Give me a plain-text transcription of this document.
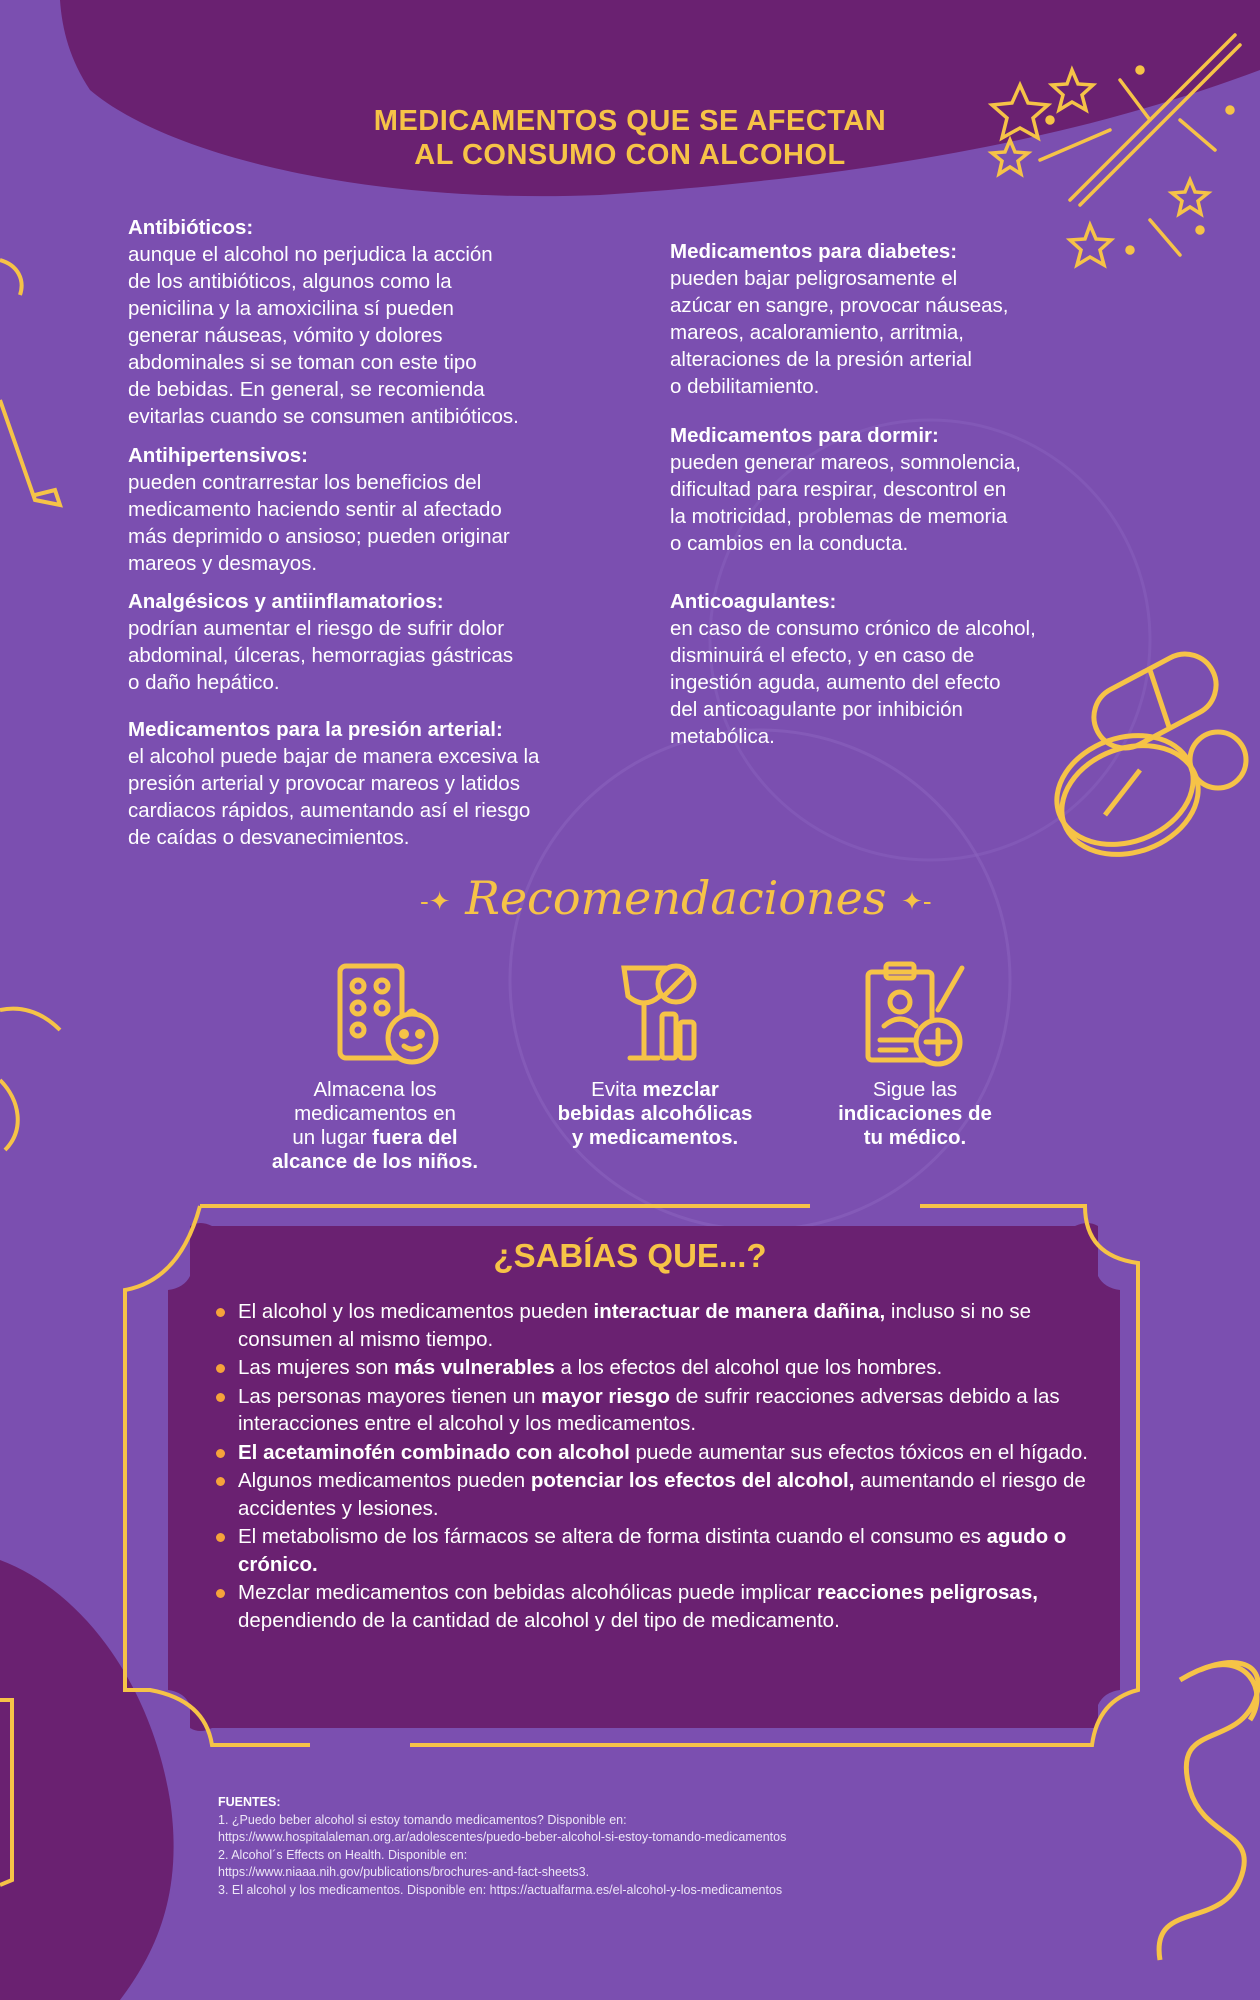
MEDICAMENTOS QUE SE AFECTAN
AL CONSUMO CON ALCOHOL
Antibióticos:
aunque el alcohol no perjudica la acción
de los antibióticos, algunos como la
penicilina y la amoxicilina sí pueden
generar náuseas, vómito y dolores
abdominales si se toman con este tipo
de bebidas. En general, se recomienda
evitarlas cuando se consumen antibióticos.
Antihipertensivos:
pueden contrarrestar los beneficios del
medicamento haciendo sentir al afectado
más deprimido o ansioso; pueden originar
mareos y desmayos.
Analgésicos y antiinflamatorios:
podrían aumentar el riesgo de sufrir dolor
abdominal, úlceras, hemorragias gástricas
o daño hepático.
Medicamentos para la presión arterial:
el alcohol puede bajar de manera excesiva la
presión arterial y provocar mareos y latidos
cardiacos rápidos, aumentando así el riesgo
de caídas o desvanecimientos.
Medicamentos para diabetes:
pueden bajar peligrosamente el
azúcar en sangre, provocar náuseas,
mareos, acaloramiento, arritmia,
alteraciones de la presión arterial
o debilitamiento.
Medicamentos para dormir:
pueden generar mareos, somnolencia,
dificultad para respirar, descontrol en
la motricidad, problemas de memoria
o cambios en la conducta.
Anticoagulantes:
en caso de consumo crónico de alcohol,
disminuirá el efecto, y en caso de
ingestión aguda, aumento del efecto
del anticoagulante por inhibición
metabólica.
-✦ Recomendaciones ✦-
Almacena los
medicamentos en
un lugar fuera del
alcance de los niños.
Evita mezclar
bebidas alcohólicas
y medicamentos.
Sigue las
indicaciones de
tu médico.
¿SABÍAS QUE...?
El alcohol y los medicamentos pueden interactuar de manera dañina, incluso si no se consumen al mismo tiempo.
Las mujeres son más vulnerables a los efectos del alcohol que los hombres.
Las personas mayores tienen un mayor riesgo de sufrir reacciones adversas debido a las interacciones entre el alcohol y los medicamentos.
El acetaminofén combinado con alcohol puede aumentar sus efectos tóxicos en el hígado.
Algunos medicamentos pueden potenciar los efectos del alcohol, aumentando el riesgo de accidentes y lesiones.
El metabolismo de los fármacos se altera de forma distinta cuando el consumo es agudo o crónico.
Mezclar medicamentos con bebidas alcohólicas puede implicar reacciones peligrosas, dependiendo de la cantidad de alcohol y del tipo de medicamento.
FUENTES:
1. ¿Puedo beber alcohol si estoy tomando medicamentos? Disponible en:
https://www.hospitalaleman.org.ar/adolescentes/puedo-beber-alcohol-si-estoy-tomando-medicamentos
2. Alcohol´s Effects on Health. Disponible en:
https://www.niaaa.nih.gov/publications/brochures-and-fact-sheets3.
3. El alcohol y los medicamentos. Disponible en: https://actualfarma.es/el-alcohol-y-los-medicamentos
